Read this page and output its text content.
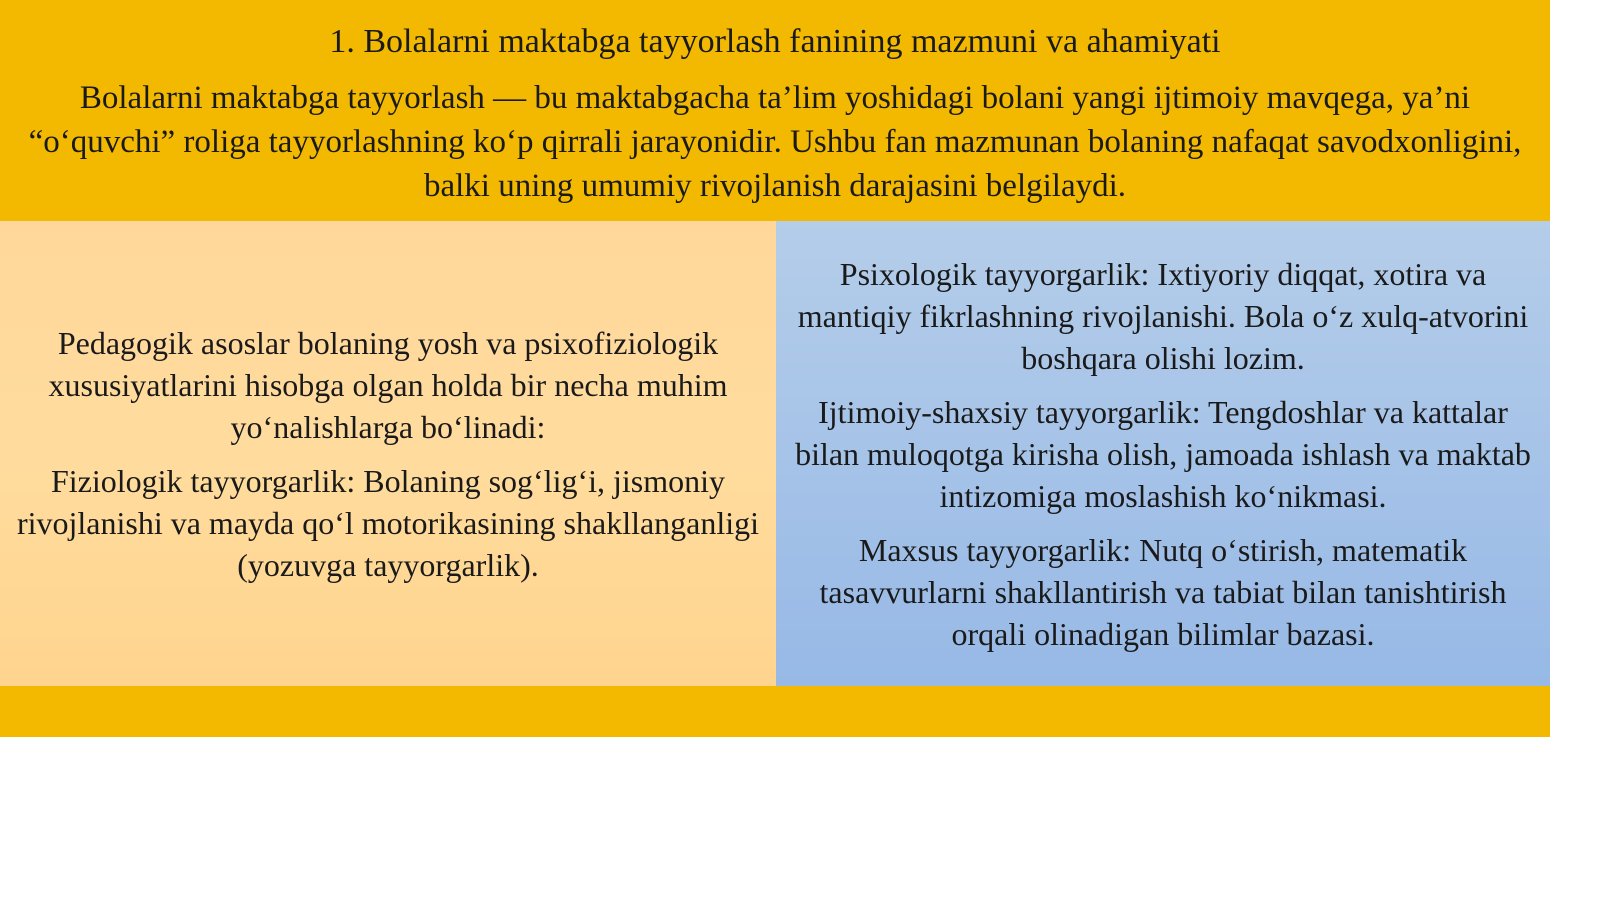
1. Bolalarni maktabga tayyorlash fanining mazmuni va ahamiyati

Bolalarni maktabga tayyorlash — bu maktabgacha ta’lim yoshidagi bolani yangi ijtimoiy mavqega, ya’ni “o‘quvchi” roliga tayyorlashning ko‘p qirrali jarayonidir. Ushbu fan mazmunan bolaning nafaqat savodxonligini, balki uning umumiy rivojlanish darajasini belgilaydi.

Pedagogik asoslar bolaning yosh va psixofiziologik xususiyatlarini hisobga olgan holda bir necha muhim yo‘nalishlarga bo‘linadi:

Fiziologik tayyorgarlik: Bolaning sog‘lig‘i, jismoniy rivojlanishi va mayda qo‘l motorikasining shakllanganligi (yozuvga tayyorgarlik).

Psixologik tayyorgarlik: Ixtiyoriy diqqat, xotira va mantiqiy fikrlashning rivojlanishi. Bola o‘z xulq-atvorini boshqara olishi lozim.

Ijtimoiy-shaxsiy tayyorgarlik: Tengdoshlar va kattalar bilan muloqotga kirisha olish, jamoada ishlash va maktab intizomiga moslashish ko‘nikmasi.

Maxsus tayyorgarlik: Nutq o‘stirish, matematik tasavvurlarni shakllantirish va tabiat bilan tanishtirish orqali olinadigan bilimlar bazasi.
